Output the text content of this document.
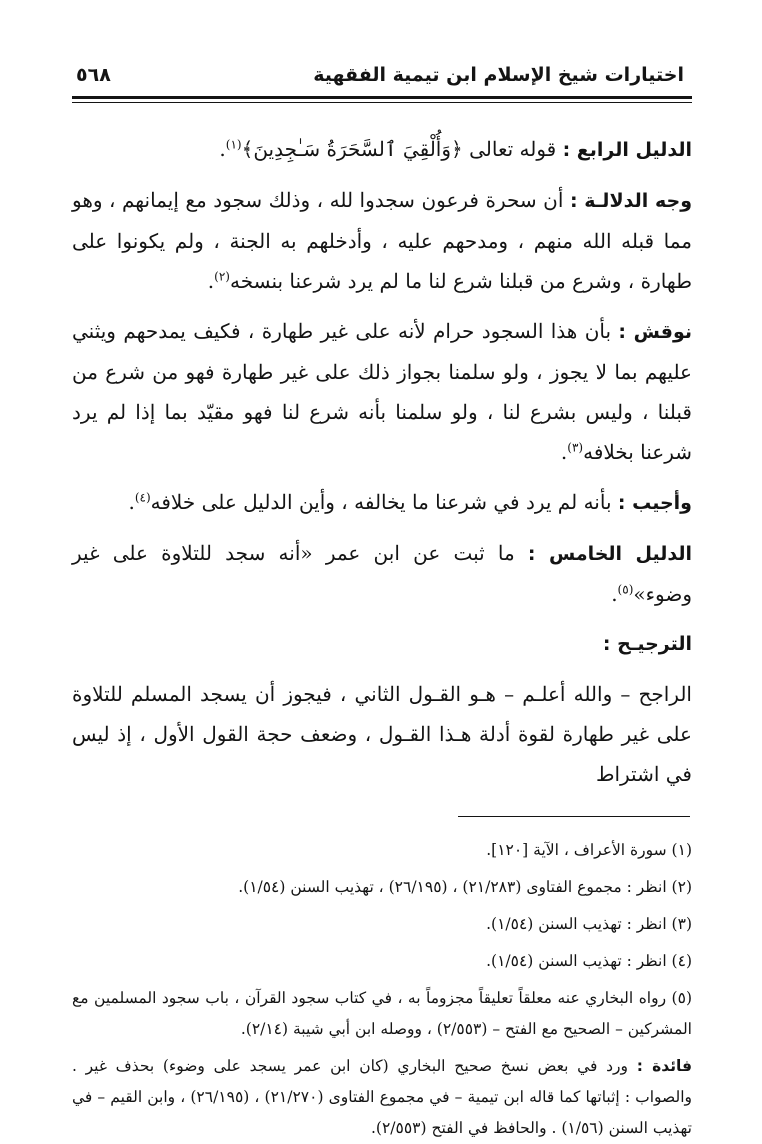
اختيارات شيخ الإسلام ابن تيمية الفقهية
٥٦٨

الدليل الرابع : قوله تعالى ﴿وَأُلْقِيَ ٱلسَّحَرَةُ سَـٰجِدِينَ﴾$^{(١)}$.

وجه الدلالـة : أن سحرة فرعون سجدوا لله ، وذلك سجود مع إيمانهم ، وهو مما قبله الله منهم ، ومدحهم عليه ، وأدخلهم به الجنة ، ولم يكونوا على طهارة ، وشرع من قبلنا شرع لنا ما لم يرد شرعنا بنسخه$^{(٢)}$.

نوقش : بأن هذا السجود حرام لأنه على غير طهارة ، فكيف يمدحهم ويثني عليهم بما لا يجوز ، ولو سلمنا بجواز ذلك على غير طهارة فهو من شرع من قبلنا ، وليس بشرع لنا ، ولو سلمنا بأنه شرع لنا فهو مقيّد بما إذا لم يرد شرعنا بخلافه$^{(٣)}$.

وأجيب : بأنه لم يرد في شرعنا ما يخالفه ، وأين الدليل على خلافه$^{(٤)}$.

الدليل الخامس : ما ثبت عن ابن عمر «أنه سجد للتلاوة على غير وضوء»$^{(٥)}$.

الترجيـح :

الراجح – والله أعلـم – هـو القـول الثاني ، فيجوز أن يسجد المسلم للتلاوة على غير طهارة لقوة أدلة هـذا القـول ، وضعف حجة القول الأول ، إذ ليس في اشتراط

(١) سورة الأعراف ، الآية [١٢٠].

(٢) انظر : مجموع الفتاوى (٢١/٢٨٣) ، (٢٦/١٩٥) ، تهذيب السنن (١/٥٤).

(٣) انظر : تهذيب السنن (١/٥٤).

(٤) انظر : تهذيب السنن (١/٥٤).

(٥) رواه البخاري عنه معلقاً تعليقاً مجزوماً به ، في كتاب سجود القرآن ، باب سجود المسلمين مع المشركين – الصحيح مع الفتح – (٢/٥٥٣) ، ووصله ابن أبي شيبة (٢/١٤).

فائدة : ورد في بعض نسخ صحيح البخاري (كان ابن عمر يسجد على وضوء) بحذف غير . والصواب : إثباتها كما قاله ابن تيمية – في مجموع الفتاوى (٢١/٢٧٠) ، (٢٦/١٩٥) ، وابن القيم – في تهذيب السنن (١/٥٦) . والحافظ في الفتح (٢/٥٥٣).
